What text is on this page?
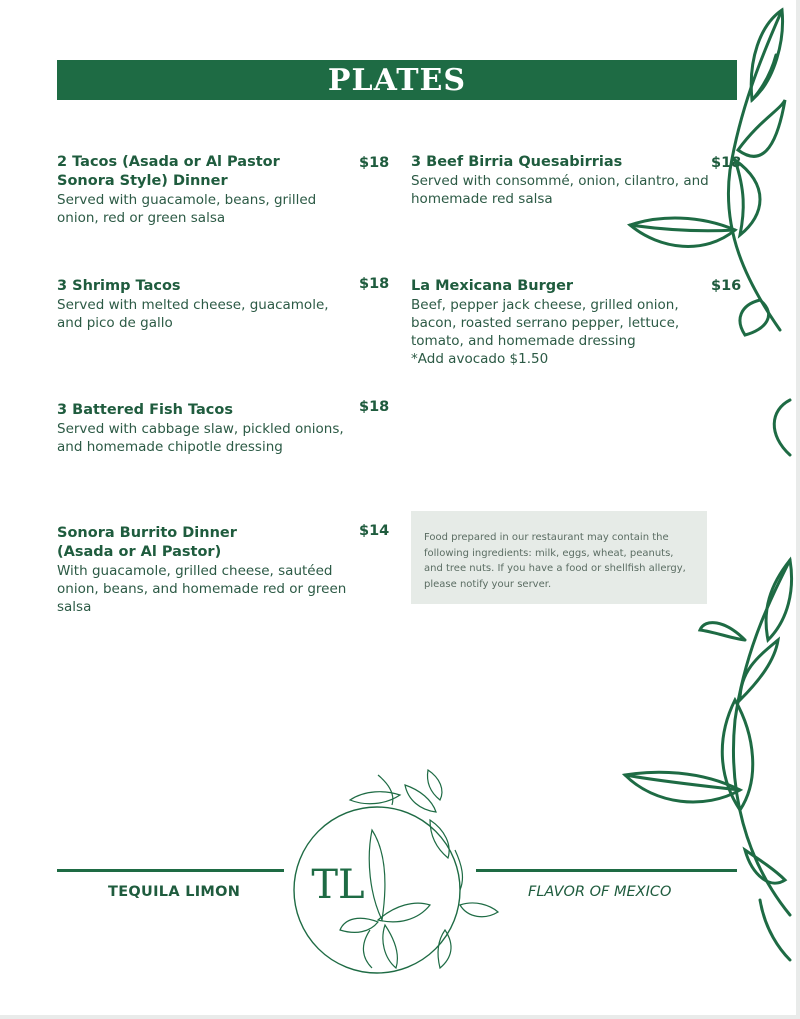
PLATES
2 Tacos (Asada or Al Pastor
Sonora Style) Dinner
Served with guacamole, beans, grilled
onion, red or green salsa
$18
3 Shrimp Tacos
Served with melted cheese, guacamole,
and pico de gallo
$18
3 Battered Fish Tacos
Served with cabbage slaw, pickled onions,
and homemade chipotle dressing
$18
Sonora Burrito Dinner
(Asada or Al Pastor)
With guacamole, grilled cheese, sautéed
onion, beans, and homemade red or green
salsa
$14
3 Beef Birria Quesabirrias
Served with consommé, onion, cilantro, and
homemade red salsa
$18
La Mexicana Burger
Beef, pepper jack cheese, grilled onion,
bacon, roasted serrano pepper, lettuce,
tomato, and homemade dressing
*Add avocado $1.50
$16
Food prepared in our restaurant may contain the
following ingredients: milk, eggs, wheat, peanuts,
and tree nuts. If you have a food or shellfish allergy,
please notify your server.
TEQUILA LIMON	FLAVOR OF MEXICO
TL
